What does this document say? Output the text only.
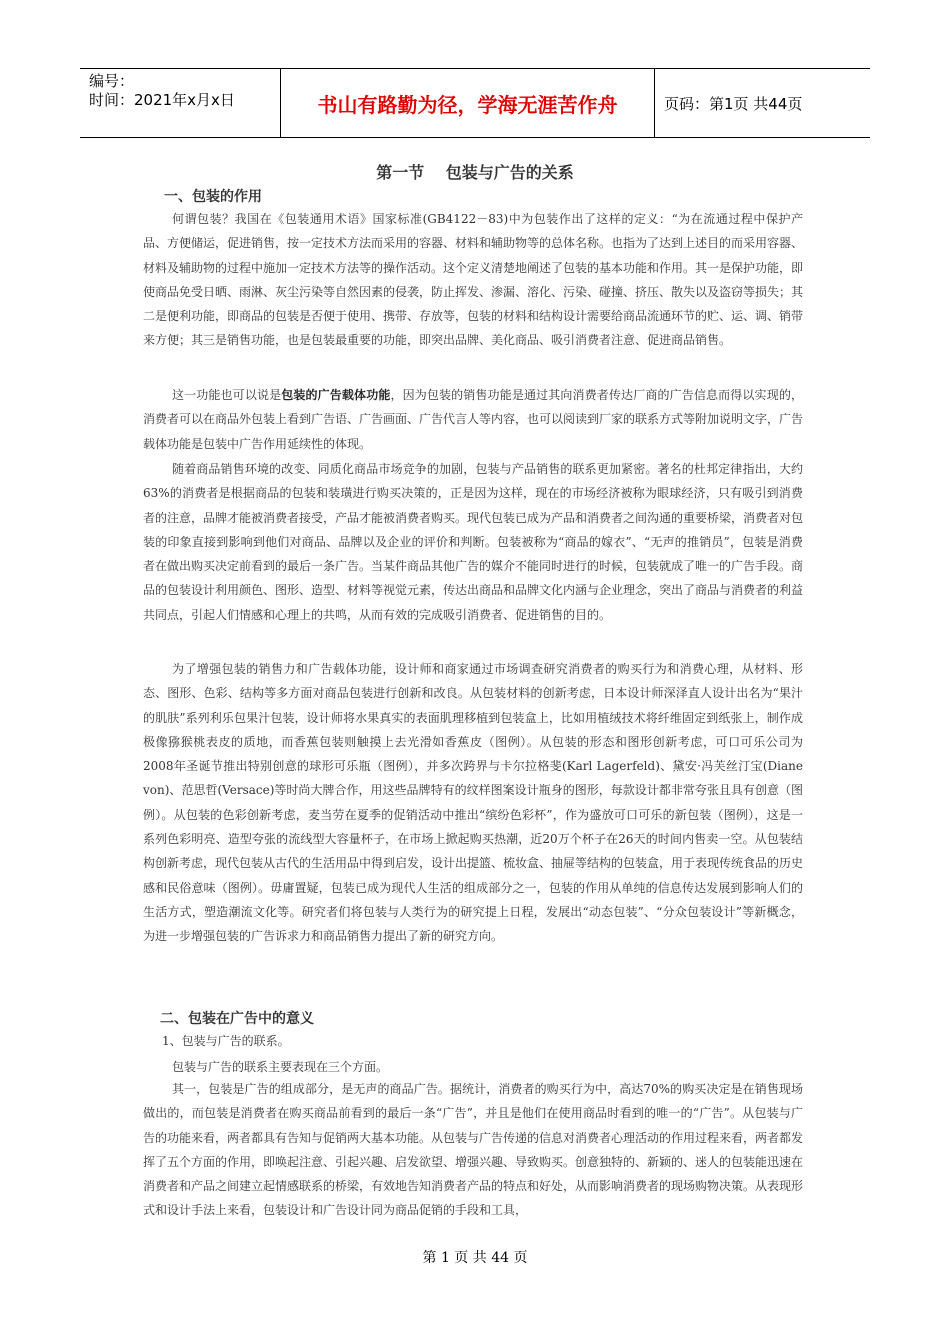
编号：
时间：2021年x月x日	书山有路勤为径，学海无涯苦作舟	页码：第1页 共44页
第一节　 包装与广告的关系
一、包装的作用

何谓包装？我国在《包装通用术语》国家标准(GB4122－83)中为包装作出了这样的定义：“为在流通过程中保护产品、方便储运，促进销售，按一定技术方法而采用的容器、材料和辅助物等的总体名称。也指为了达到上述目的而采用容器、材料及辅助物的过程中施加一定技术方法等的操作活动。这个定义清楚地阐述了包装的基本功能和作用。其一是保护功能，即使商品免受日晒、雨淋、灰尘污染等自然因素的侵袭，防止挥发、渗漏、溶化、污染、碰撞、挤压、散失以及盗窃等损失；其二是便利功能，即商品的包装是否便于使用、携带、存放等，包装的材料和结构设计需要给商品流通环节的贮、运、调、销带来方便；其三是销售功能，也是包装最重要的功能，即突出品牌、美化商品、吸引消费者注意、促进商品销售。

这一功能也可以说是包装的广告载体功能，因为包装的销售功能是通过其向消费者传达厂商的广告信息而得以实现的，消费者可以在商品外包装上看到广告语、广告画面、广告代言人等内容，也可以阅读到厂家的联系方式等附加说明文字，广告载体功能是包装中广告作用延续性的体现。

随着商品销售环境的改变、同质化商品市场竞争的加剧，包装与产品销售的联系更加紧密。著名的杜邦定律指出，大约63%的消费者是根据商品的包装和装璜进行购买决策的，正是因为这样，现在的市场经济被称为眼球经济，只有吸引到消费者的注意，品牌才能被消费者接受，产品才能被消费者购买。现代包装已成为产品和消费者之间沟通的重要桥梁，消费者对包装的印象直接到影响到他们对商品、品牌以及企业的评价和判断。包装被称为“商品的嫁衣”、“无声的推销员”，包装是消费者在做出购买决定前看到的最后一条广告。当某件商品其他广告的媒介不能同时进行的时候，包装就成了唯一的广告手段。商品的包装设计利用颜色、图形、造型、材料等视觉元素，传达出商品和品牌文化内涵与企业理念，突出了商品与消费者的利益共同点，引起人们情感和心理上的共鸣，从而有效的完成吸引消费者、促进销售的目的。

为了增强包装的销售力和广告载体功能，设计师和商家通过市场调查研究消费者的购买行为和消费心理，从材料、形态、图形、色彩、结构等多方面对商品包装进行创新和改良。从包装材料的创新考虑，日本设计师深泽直人设计出名为“果汁的肌肤”系列利乐包果汁包装，设计师将水果真实的表面肌理移植到包装盒上，比如用植绒技术将纤维固定到纸张上，制作成极像猕猴桃表皮的质地，而香蕉包装则触摸上去光滑如香蕉皮（图例）。从包装的形态和图形创新考虑，可口可乐公司为2008年圣诞节推出特别创意的球形可乐瓶（图例），并多次跨界与卡尔拉格斐(Karl Lagerfeld)、黛安·冯芙丝汀宝(Diane von)、范思哲(Versace)等时尚大牌合作，用这些品牌特有的纹样图案设计瓶身的图形，每款设计都非常夸张且具有创意（图例）。从包装的色彩创新考虑，麦当劳在夏季的促销活动中推出“缤纷色彩杯”，作为盛放可口可乐的新包装（图例），这是一系列色彩明亮、造型夸张的流线型大容量杯子，在市场上掀起购买热潮，近20万个杯子在26天的时间内售卖一空。从包装结构创新考虑，现代包装从古代的生活用品中得到启发，设计出提篮、梳妆盒、抽屉等结构的包装盒，用于表现传统食品的历史感和民俗意味（图例）。毋庸置疑，包装已成为现代人生活的组成部分之一，包装的作用从单纯的信息传达发展到影响人们的生活方式，塑造潮流文化等。研究者们将包装与人类行为的研究提上日程，发展出“动态包装”、“分众包装设计”等新概念，为进一步增强包装的广告诉求力和商品销售力提出了新的研究方向。

二、包装在广告中的意义

1、包装与广告的联系。

包装与广告的联系主要表现在三个方面。

其一，包装是广告的组成部分，是无声的商品广告。据统计，消费者的购买行为中，高达70%的购买决定是在销售现场做出的，而包装是消费者在购买商品前看到的最后一条“广告”，并且是他们在使用商品时看到的唯一的“广告”。从包装与广告的功能来看，两者都具有告知与促销两大基本功能。从包装与广告传递的信息对消费者心理活动的作用过程来看，两者都发挥了五个方面的作用，即唤起注意、引起兴趣、启发欲望、增强兴趣、导致购买。创意独特的、新颖的、迷人的包装能迅速在消费者和产品之间建立起情感联系的桥梁，有效地告知消费者产品的特点和好处，从而影响消费者的现场购物决策。从表现形式和设计手法上来看，包装设计和广告设计同为商品促销的手段和工具，

第 1 页 共 44 页
